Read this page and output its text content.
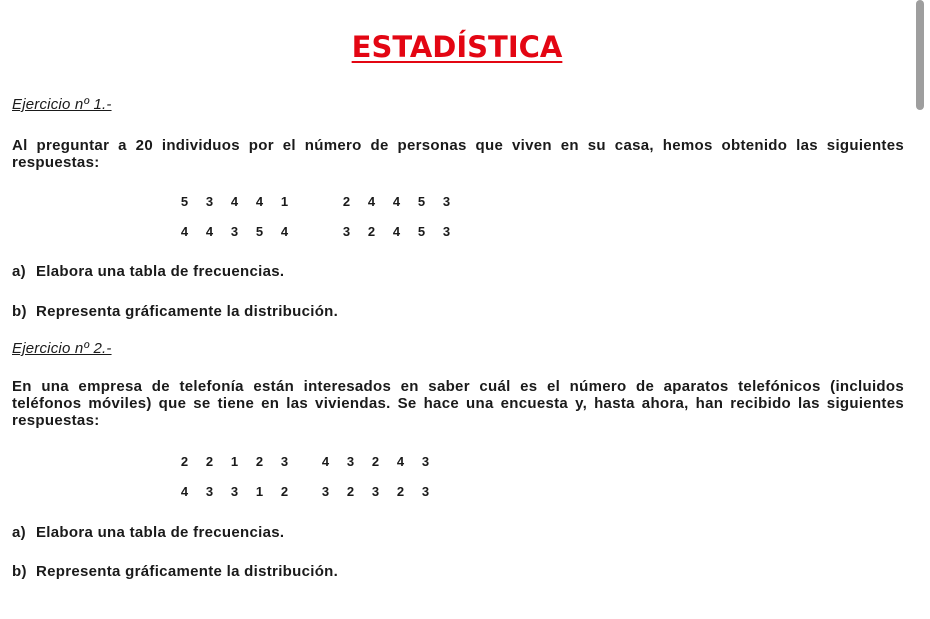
ESTADÍSTICA
Ejercicio nº 1.-
Al preguntar a 20 individuos por el número de personas que viven en su casa, hemos obtenido las siguientes
respuestas:
5	3	4	4	1	2	4	4	5	3
4	4	3	5	4	3	2	4	5	3
a) Elabora una tabla de frecuencias.
b) Representa gráficamente la distribución.
Ejercicio nº 2.-
En una empresa de telefonía están interesados en saber cuál es el número de aparatos telefónicos (incluidos
teléfonos móviles) que se tiene en las viviendas. Se hace una encuesta y, hasta ahora, han recibido las siguientes
respuestas:
2	2	1	2	3	4	3	2	4	3
4	3	3	1	2	3	2	3	2	3
a) Elabora una tabla de frecuencias.
b) Representa gráficamente la distribución.
